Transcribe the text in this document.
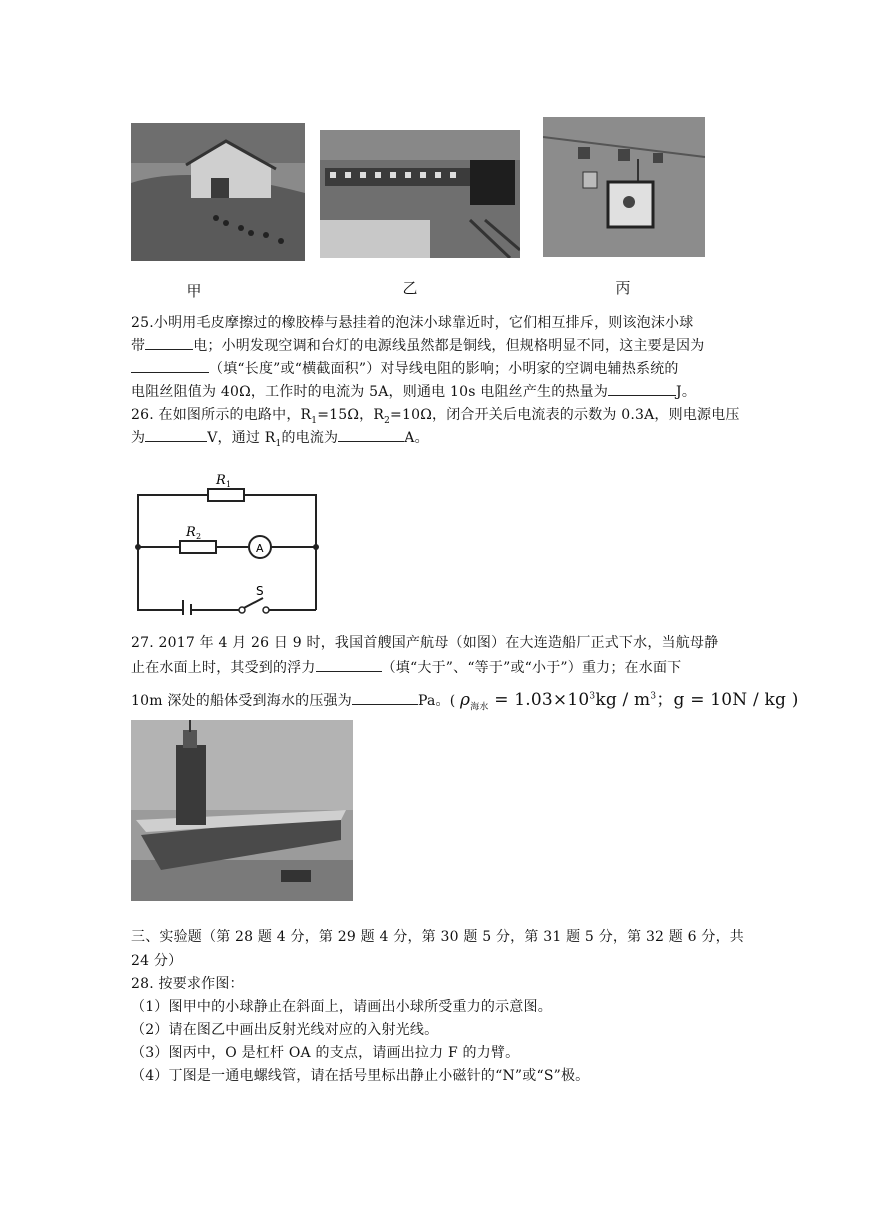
甲	乙	丙
25.小明用毛皮摩擦过的橡胶棒与悬挂着的泡沫小球靠近时，它们相互排斥，则该泡沫小球
带	电；小明发现空调和台灯的电源线虽然都是铜线，但规格明显不同，这主要是因为
（填“长度”或“横截面积”）对导线电阻的影响；小明家的空调电辅热系统的
电阻丝阻值为 40Ω，工作时的电流为 5A，则通电 10s 电阻丝产生的热量为	J。
26. 在如图所示的电路中，$R_1=15\Omega$，$R_2=10\Omega$，闭合开关后电流表的示数为 0.3A，则电源电压
为	V，通过 $R_1$的电流为	A。
R 1
R 2
A
S
27. 2017 年 4 月 26 日 9 时，我国首艘国产航母（如图）在大连造船厂正式下水，当航母静
止在水面上时，其受到的浮力	（填“大于”、“等于”或“小于”）重力；在水面下
10m 深处的船体受到海水的压强为	Pa。( $\rho_{海水} = 1.03\times 10^3kg / m^3$；g = 10N / kg )
三、实验题（第 28 题 4 分，第 29 题 4 分，第 30 题 5 分，第 31 题 5 分，第 32 题 6 分，共
24 分）
28. 按要求作图：
（1）图甲中的小球静止在斜面上，请画出小球所受重力的示意图。
（2）请在图乙中画出反射光线对应的入射光线。
（3）图丙中，O 是杠杆 OA 的支点，请画出拉力 F 的力臂。
（4）丁图是一通电螺线管，请在括号里标出静止小磁针的“N”或“S”极。
